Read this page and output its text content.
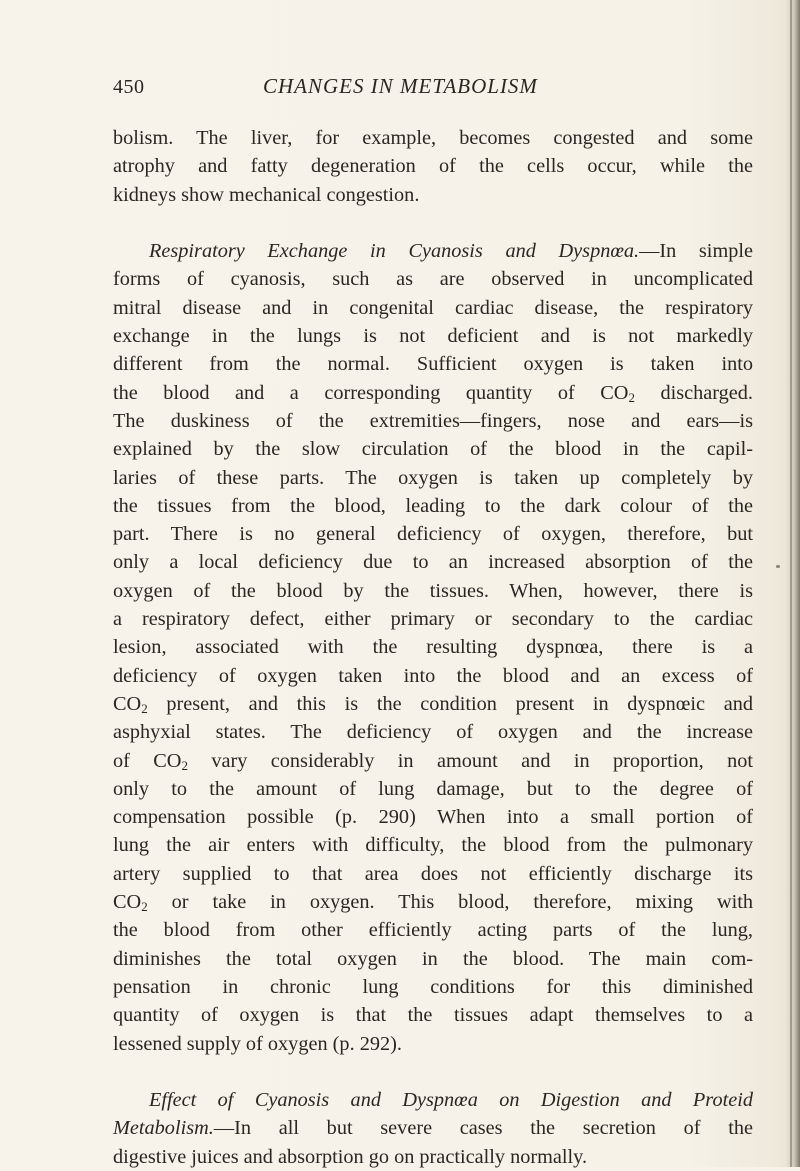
450	CHANGES IN METABOLISM
bolism. The liver, for example, becomes congested and some
atrophy and fatty degeneration of the cells occur, while the
kidneys show mechanical congestion.
Respiratory Exchange in Cyanosis and Dyspnœa.—In simple
forms of cyanosis, such as are observed in uncomplicated
mitral disease and in congenital cardiac disease, the respiratory
exchange in the lungs is not deficient and is not markedly
different from the normal. Sufficient oxygen is taken into
the blood and a corresponding quantity of $CO_2$ discharged.
The duskiness of the extremities—fingers, nose and ears—is
explained by the slow circulation of the blood in the capil-
laries of these parts. The oxygen is taken up completely by
the tissues from the blood, leading to the dark colour of the
part. There is no general deficiency of oxygen, therefore, but
only a local deficiency due to an increased absorption of the
oxygen of the blood by the tissues. When, however, there is
a respiratory defect, either primary or secondary to the cardiac
lesion, associated with the resulting dyspnœa, there is a
deficiency of oxygen taken into the blood and an excess of
$CO_2$ present, and this is the condition present in dyspnœic and
asphyxial states. The deficiency of oxygen and the increase
of $CO_2$ vary considerably in amount and in proportion, not
only to the amount of lung damage, but to the degree of
compensation possible (p. 290) When into a small portion of
lung the air enters with difficulty, the blood from the pulmonary
artery supplied to that area does not efficiently discharge its
$CO_2$ or take in oxygen. This blood, therefore, mixing with
the blood from other efficiently acting parts of the lung,
diminishes the total oxygen in the blood. The main com-
pensation in chronic lung conditions for this diminished
quantity of oxygen is that the tissues adapt themselves to a
lessened supply of oxygen (p. 292).
Effect of Cyanosis and Dyspnœa on Digestion and Proteid
Metabolism.—In all but severe cases the secretion of the
digestive juices and absorption go on practically normally.
